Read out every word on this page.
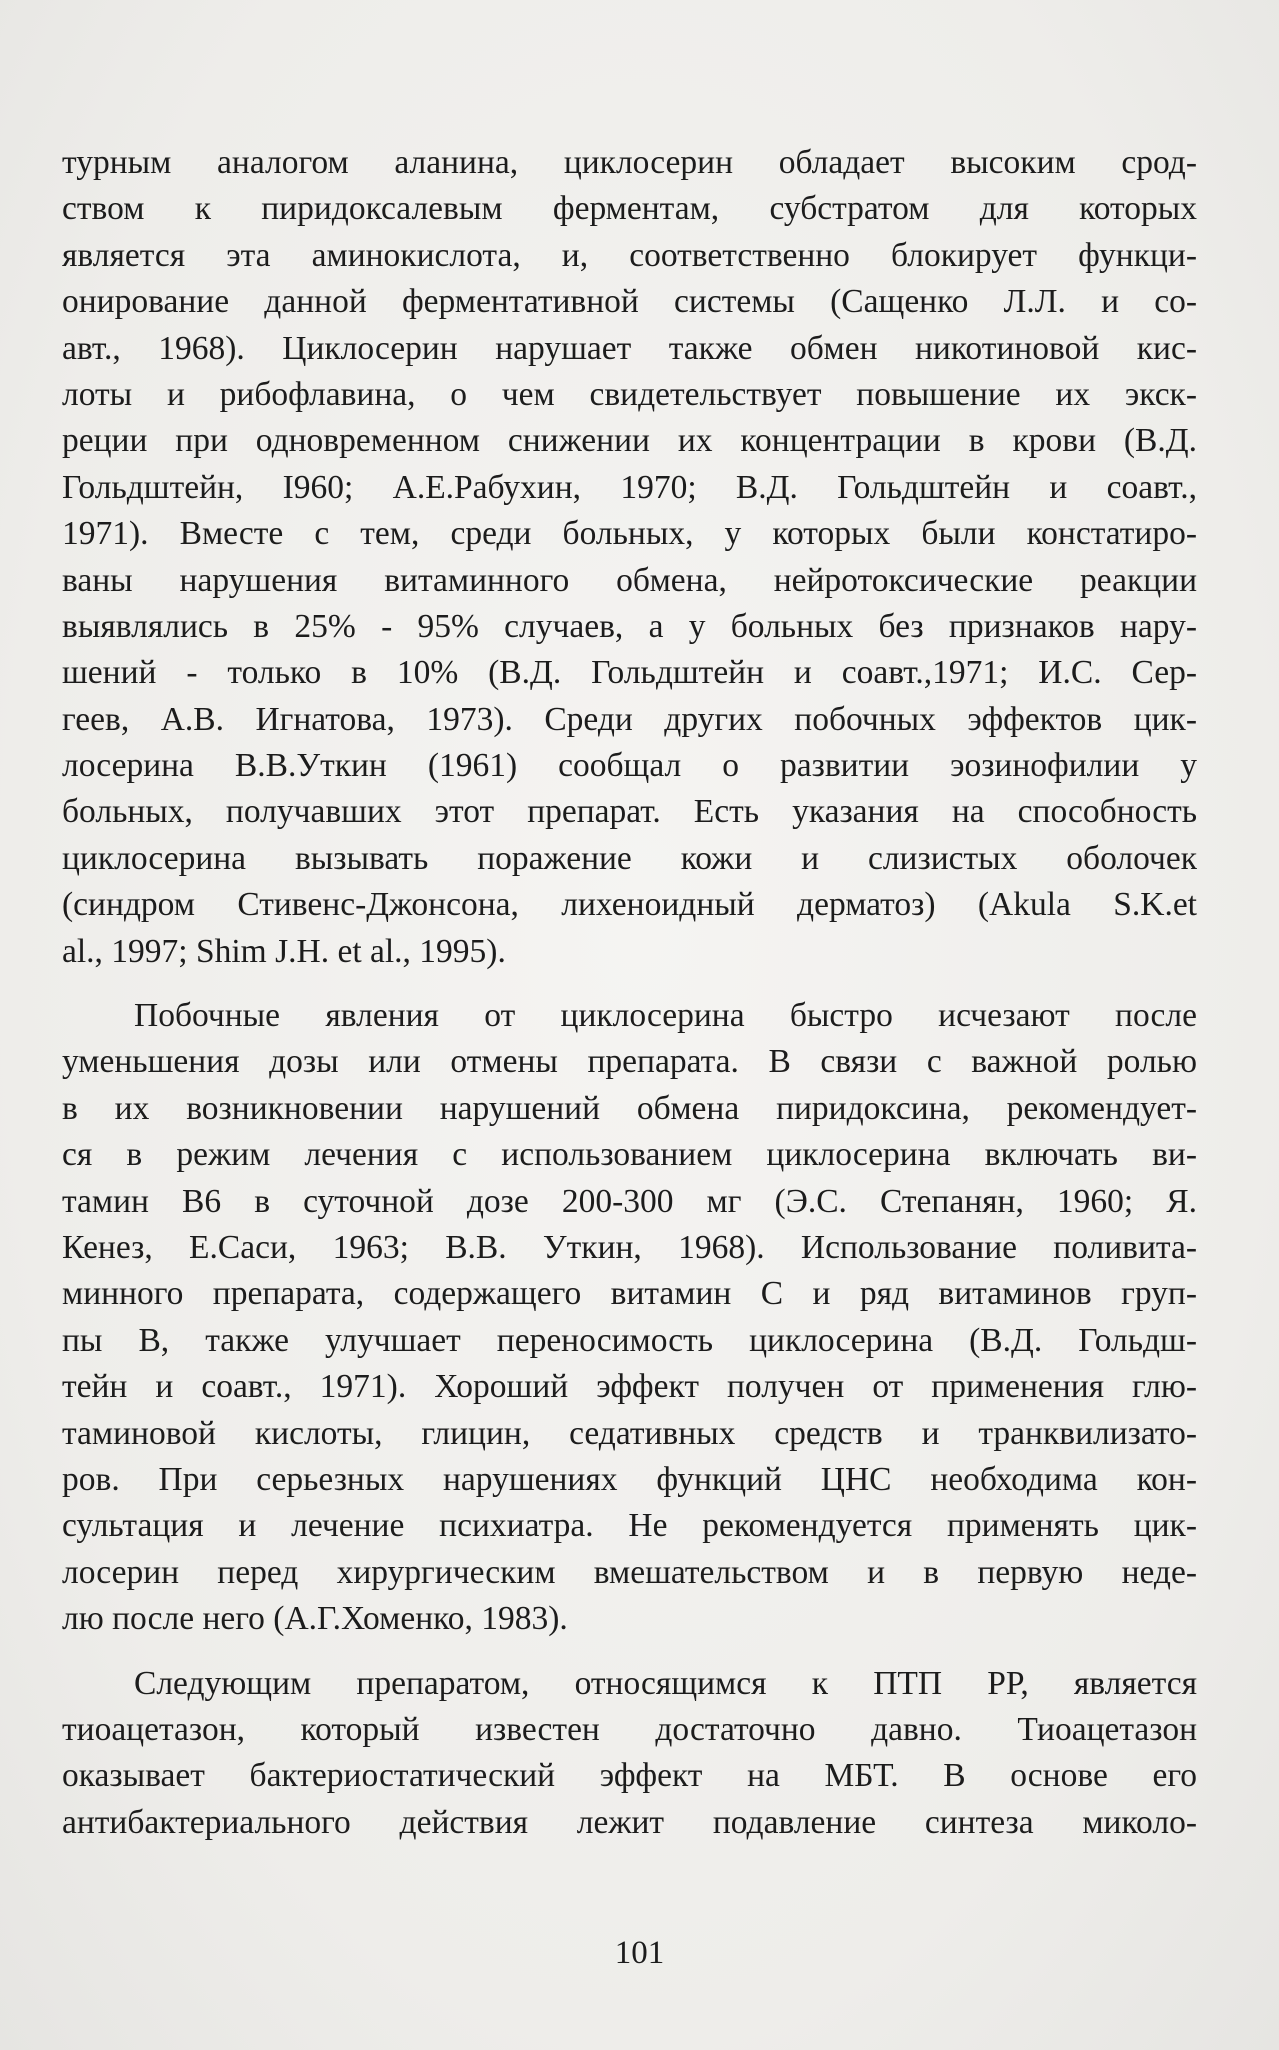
турным аналогом аланина, циклосерин обладает высоким срод-
ством к пиридоксалевым ферментам, субстратом для которых
является эта аминокислота, и, соответственно блокирует функци-
онирование данной ферментативной системы (Сащенко Л.Л. и со-
авт., 1968). Циклосерин нарушает также обмен никотиновой кис-
лоты и рибофлавина, о чем свидетельствует повышение их экск-
реции при одновременном снижении их концентрации в крови (В.Д.
Гольдштейн, I960; А.Е.Рабухин, 1970; В.Д. Гольдштейн и соавт.,
1971). Вместе с тем, среди больных, у которых были констатиро-
ваны нарушения витаминного обмена, нейротоксические реакции
выявлялись в 25% - 95% случаев, а у больных без признаков нару-
шений - только в 10% (В.Д. Гольдштейн и соавт.,1971; И.С. Сер-
геев, А.В. Игнатова, 1973). Среди других побочных эффектов цик-
лосерина В.В.Уткин (1961) сообщал о развитии эозинофилии у
больных, получавших этот препарат. Есть указания на способность
циклосерина вызывать поражение кожи и слизистых оболочек
(синдром Стивенс-Джонсона, лихеноидный дерматоз) (Akula S.K.et
al., 1997; Shim J.H. et al., 1995).
Побочные явления от циклосерина быстро исчезают после
уменьшения дозы или отмены препарата. В связи с важной ролью
в их возникновении нарушений обмена пиридоксина, рекомендует-
ся в режим лечения с использованием циклосерина включать ви-
тамин B6 в суточной дозе 200-300 мг (Э.С. Степанян, 1960; Я.
Кенез, Е.Саси, 1963; В.В. Уткин, 1968). Использование поливита-
минного препарата, содержащего витамин С и ряд витаминов груп-
пы В, также улучшает переносимость циклосерина (В.Д. Гольдш-
тейн и соавт., 1971). Хороший эффект получен от применения глю-
таминовой кислоты, глицин, седативных средств и транквилизато-
ров. При серьезных нарушениях функций ЦНС необходима кон-
сультация и лечение психиатра. Не рекомендуется применять цик-
лосерин перед хирургическим вмешательством и в первую неде-
лю после него (А.Г.Хоменко, 1983).
Следующим препаратом, относящимся к ПТП РР, является
тиоацетазон, который известен достаточно давно. Тиоацетазон
оказывает бактериостатический эффект на МБТ. В основе его
антибактериального действия лежит подавление синтеза миколо-
101
